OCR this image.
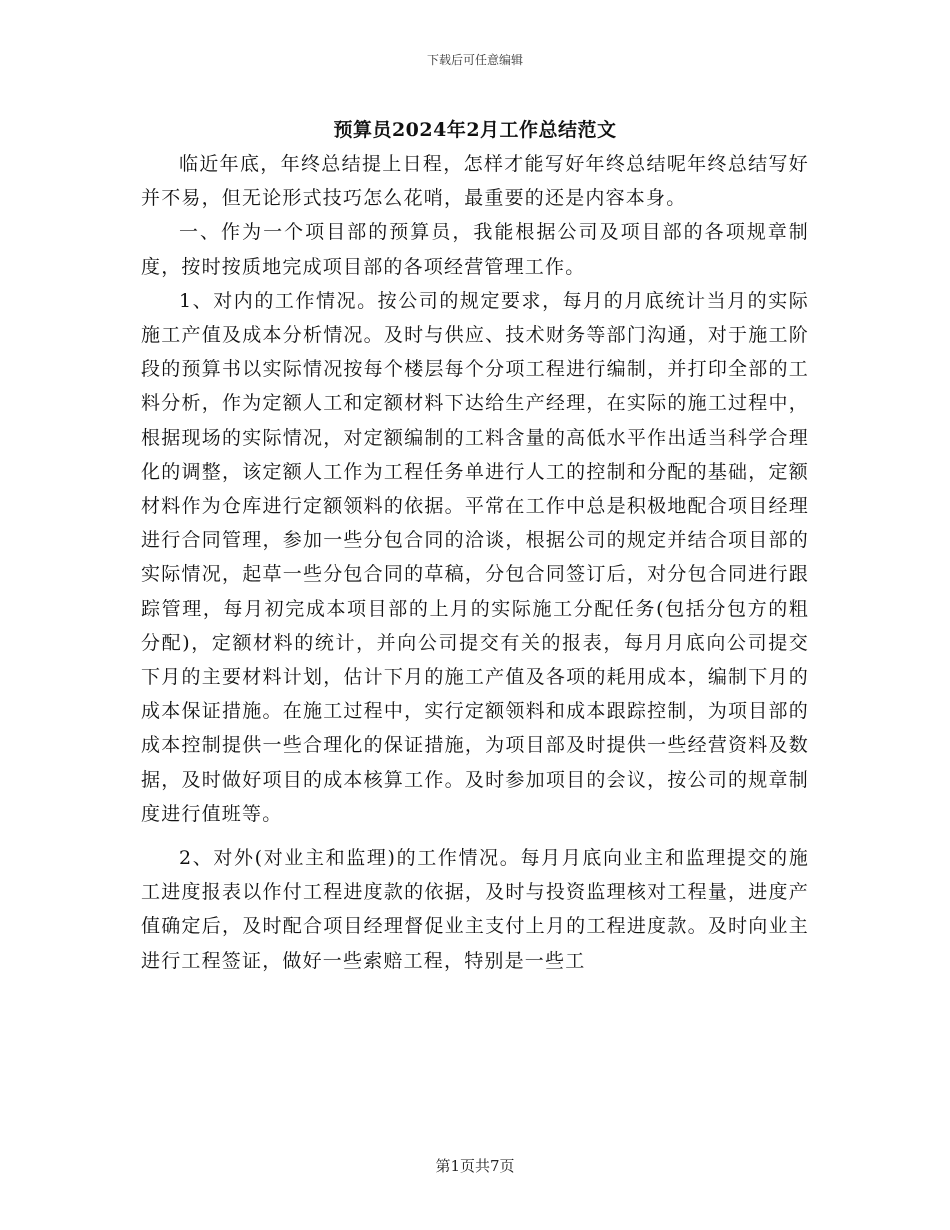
下载后可任意编辑
预算员2024年2月工作总结范文

临近年底，年终总结提上日程，怎样才能写好年终总结呢年终总结写好并不易，但无论形式技巧怎么花哨，最重要的还是内容本身。

一、作为一个项目部的预算员，我能根据公司及项目部的各项规章制度，按时按质地完成项目部的各项经营管理工作。

1、对内的工作情况。按公司的规定要求，每月的月底统计当月的实际施工产值及成本分析情况。及时与供应、技术财务等部门沟通，对于施工阶段的预算书以实际情况按每个楼层每个分项工程进行编制，并打印全部的工料分析，作为定额人工和定额材料下达给生产经理，在实际的施工过程中，根据现场的实际情况，对定额编制的工料含量的高低水平作出适当科学合理化的调整，该定额人工作为工程任务单进行人工的控制和分配的基础，定额材料作为仓库进行定额领料的依据。平常在工作中总是积极地配合项目经理进行合同管理，参加一些分包合同的洽谈，根据公司的规定并结合项目部的实际情况，起草一些分包合同的草稿，分包合同签订后，对分包合同进行跟踪管理，每月初完成本项目部的上月的实际施工分配任务(包括分包方的粗分配)，定额材料的统计，并向公司提交有关的报表，每月月底向公司提交下月的主要材料计划，估计下月的施工产值及各项的耗用成本，编制下月的成本保证措施。在施工过程中，实行定额领料和成本跟踪控制，为项目部的成本控制提供一些合理化的保证措施，为项目部及时提供一些经营资料及数据，及时做好项目的成本核算工作。及时参加项目的会议，按公司的规章制度进行值班等。

2、对外(对业主和监理)的工作情况。每月月底向业主和监理提交的施工进度报表以作付工程进度款的依据，及时与投资监理核对工程量，进度产值确定后，及时配合项目经理督促业主支付上月的工程进度款。及时向业主进行工程签证，做好一些索赔工程，特别是一些工

第1页共7页
